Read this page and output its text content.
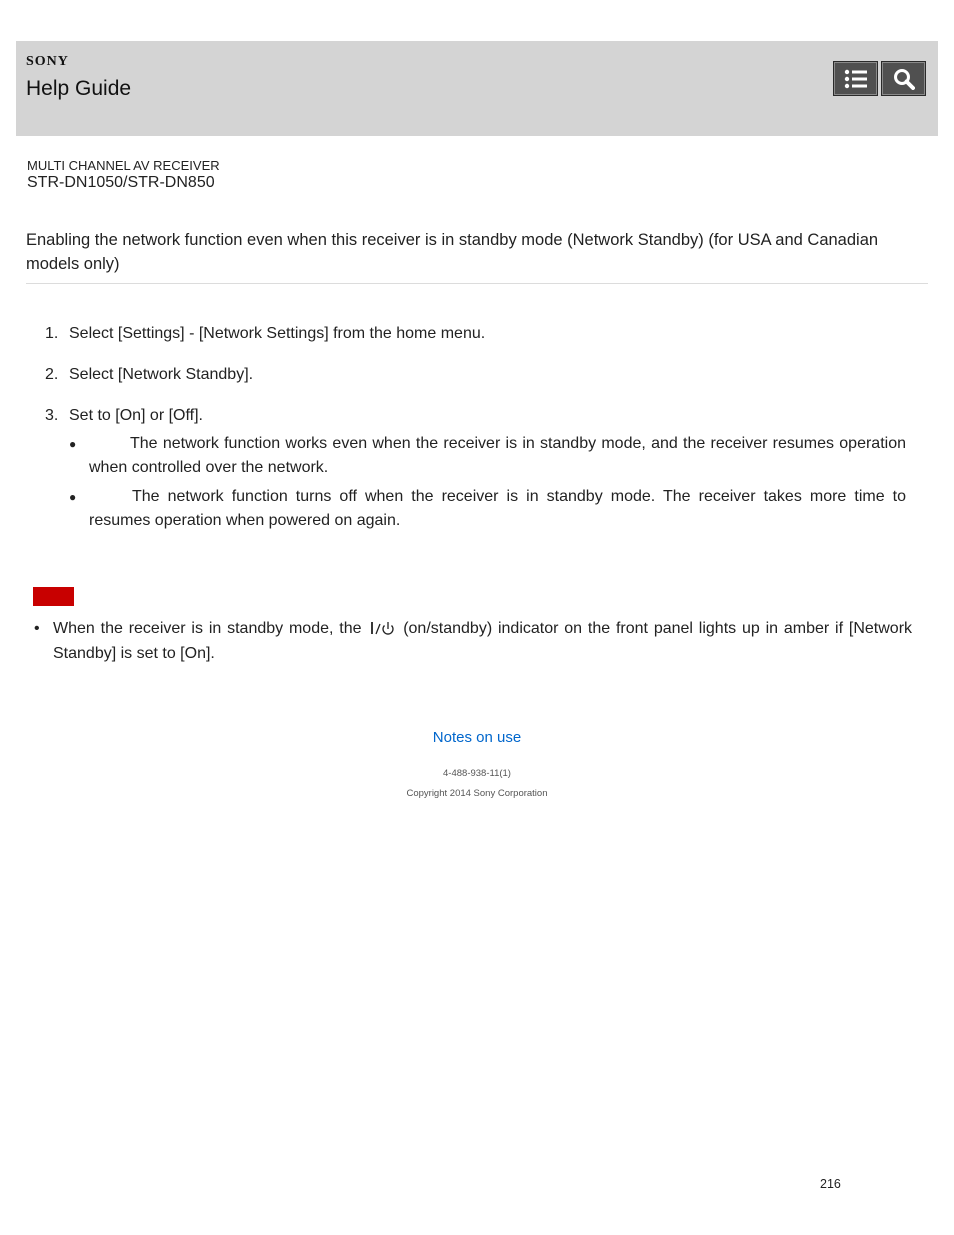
SONY
Help Guide
MULTI CHANNEL AV RECEIVER
STR-DN1050/STR-DN850
Enabling the network function even when this receiver is in standby mode (Network Standby) (for USA and Canadian models only)
1. Select [Settings] - [Network Settings] from the home menu.
2. Select [Network Standby].
3. Set to [On] or [Off].
●	The network function works even when the receiver is in standby mode, and the receiver resumes operation when controlled over the network.
●	The network function turns off when the receiver is in standby mode. The receiver takes more time to resumes operation when powered on again.
• When the receiver is in standby mode, the	(on/standby) indicator on the front panel lights up in amber if [Network Standby] is set to [On].
Notes on use
4-488-938-11(1)
Copyright 2014 Sony Corporation
216
